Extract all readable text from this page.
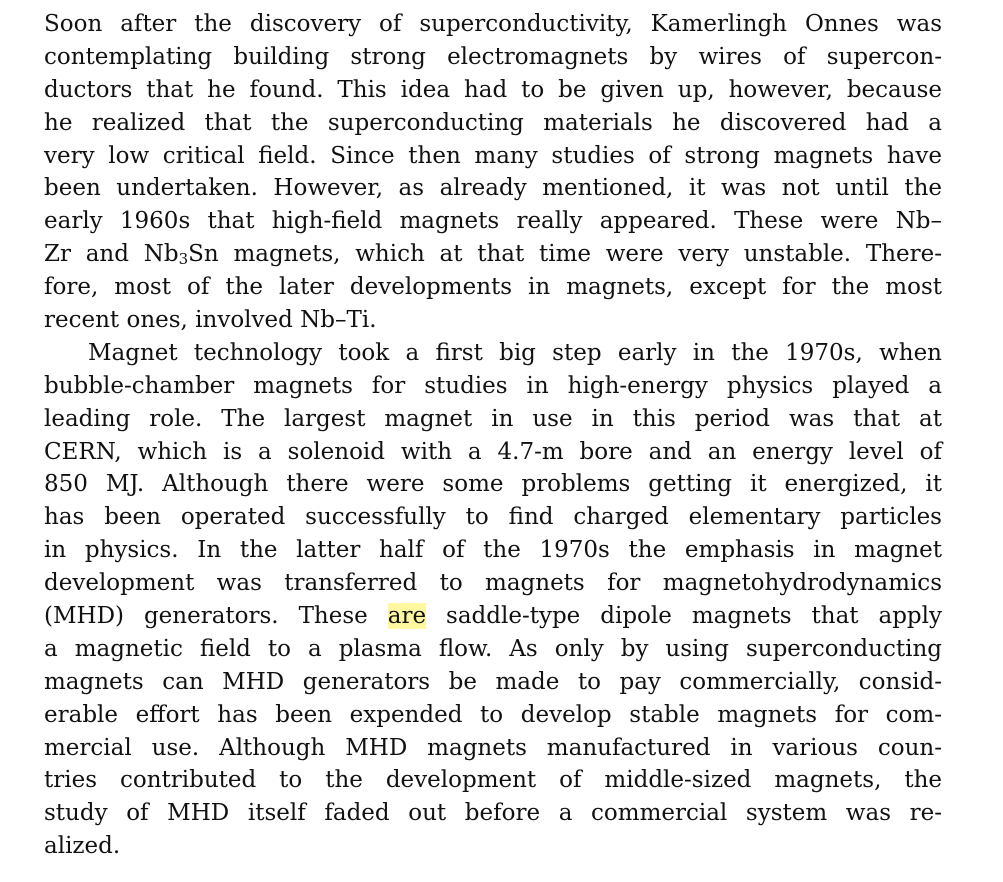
Soon after the discovery of superconductivity, Kamerlingh Onnes was
contemplating building strong electromagnets by wires of supercon-
ductors that he found. This idea had to be given up, however, because
he realized that the superconducting materials he discovered had a
very low critical field. Since then many studies of strong magnets have
been undertaken. However, as already mentioned, it was not until the
early 1960s that high-field magnets really appeared. These were Nb–
Zr and $Nb_3Sn$ magnets, which at that time were very unstable. There-
fore, most of the later developments in magnets, except for the most
recent ones, involved Nb–Ti.
Magnet technology took a first big step early in the 1970s, when
bubble-chamber magnets for studies in high-energy physics played a
leading role. The largest magnet in use in this period was that at
CERN, which is a solenoid with a 4.7-m bore and an energy level of
850 MJ. Although there were some problems getting it energized, it
has been operated successfully to find charged elementary particles
in physics. In the latter half of the 1970s the emphasis in magnet
development was transferred to magnets for magnetohydrodynamics
(MHD) generators. These are saddle-type dipole magnets that apply
a magnetic field to a plasma flow. As only by using superconducting
magnets can MHD generators be made to pay commercially, consid-
erable effort has been expended to develop stable magnets for com-
mercial use. Although MHD magnets manufactured in various coun-
tries contributed to the development of middle-sized magnets, the
study of MHD itself faded out before a commercial system was re-
alized.
